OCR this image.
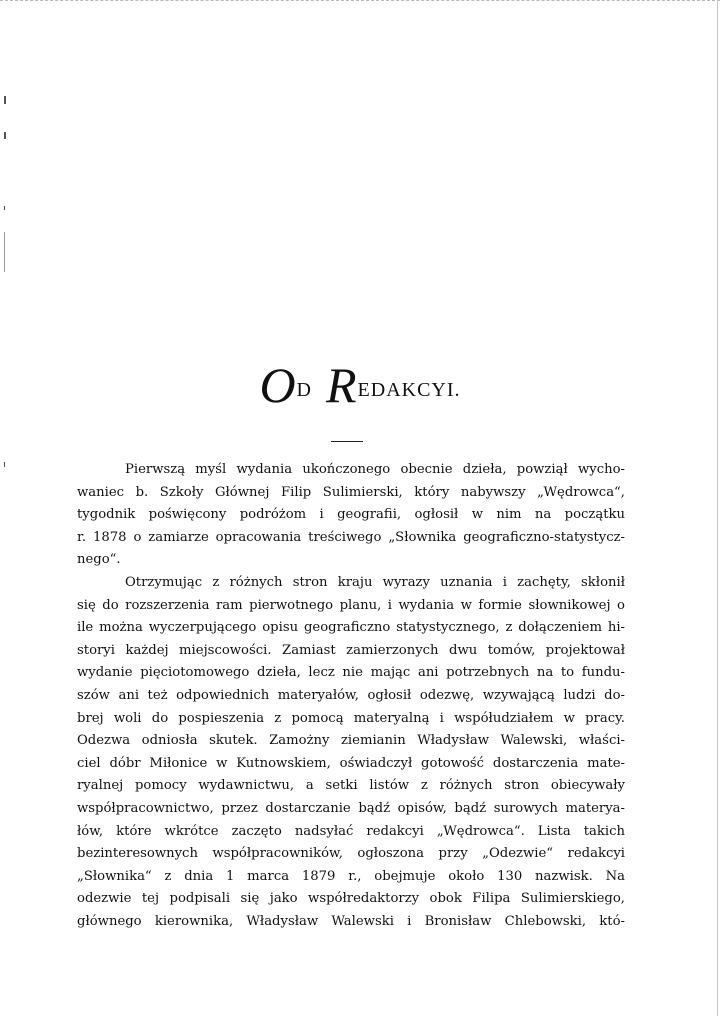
OD REDAKCYI.
Pierwszą myśl wydania ukończonego obecnie dzieła, powziął wycho-
waniec b. Szkoły Głównej Filip Sulimierski, który nabywszy „Wędrowca“,
tygodnik poświęcony podróżom i geografii, ogłosił w nim na początku
r. 1878 o zamiarze opracowania treściwego „Słownika geograficzno-statystycz-
nego“.
Otrzymując z różnych stron kraju wyrazy uznania i zachęty, skłonił
się do rozszerzenia ram pierwotnego planu, i wydania w formie słownikowej o
ile można wyczerpującego opisu geograficzno statystycznego, z dołączeniem hi-
storyi każdej miejscowości. Zamiast zamierzonych dwu tomów, projektował
wydanie pięciotomowego dzieła, lecz nie mając ani potrzebnych na to fundu-
szów ani też odpowiednich materyałów, ogłosił odezwę, wzywającą ludzi do-
brej woli do pospieszenia z pomocą materyalną i współudziałem w pracy.
Odezwa odniosła skutek. Zamożny ziemianin Władysław Walewski, właści-
ciel dóbr Miłonice w Kutnowskiem, oświadczył gotowość dostarczenia mate-
ryalnej pomocy wydawnictwu, a setki listów z różnych stron obiecywały
współpracownictwo, przez dostarczanie bądź opisów, bądź surowych materya-
łów, które wkrótce zaczęto nadsyłać redakcyi „Wędrowca“. Lista takich
bezinteresownych współpracowników, ogłoszona przy „Odezwie“ redakcyi
„Słownika“ z dnia 1 marca 1879 r., obejmuje około 130 nazwisk. Na
odezwie tej podpisali się jako współredaktorzy obok Filipa Sulimierskiego,
głównego kierownika, Władysław Walewski i Bronisław Chlebowski, któ-
